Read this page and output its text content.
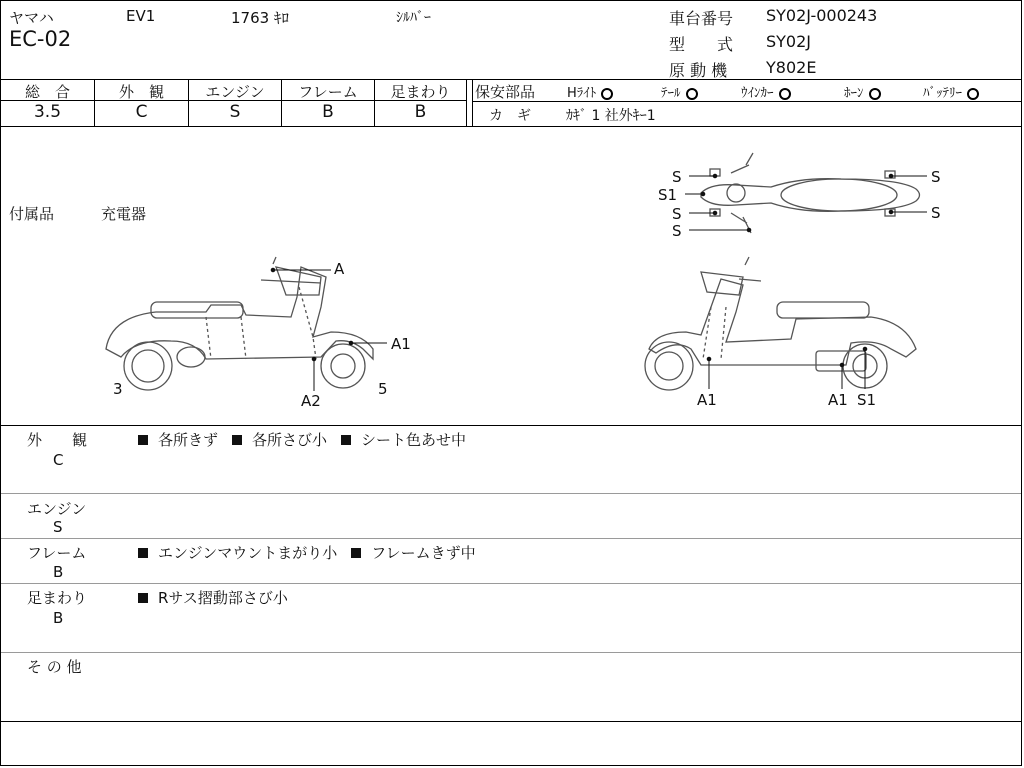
ヤマハ	EV1	1763 ｷﾛ	ｼﾙﾊﾞｰ
EC-02
車台番号 SY02J-000243
型　　式 SY02J
原 動 機 Y802E
総　合	外　観	エンジン	フレーム	足まわり
3.5	C	S	B	B
保安部品 Hﾗｲﾄ	ﾃｰﾙ	ｳｲﾝｶｰ	ﾎｰﾝ	ﾊﾞｯﾃﾘｰ
カ　ギ	ｶｷﾞ 1 社外ｷｰ1
付属品	充電器
S
S1
S
S
S
S
A
A1
A2
3	5
A1	A1 S1
外　　観
C
各所きず 各所さび小 シート色あせ中
エンジン
S
フレーム
B
エンジンマウントまがり小 フレームきず中
足まわり
B
Rサス摺動部さび小
そ の 他
